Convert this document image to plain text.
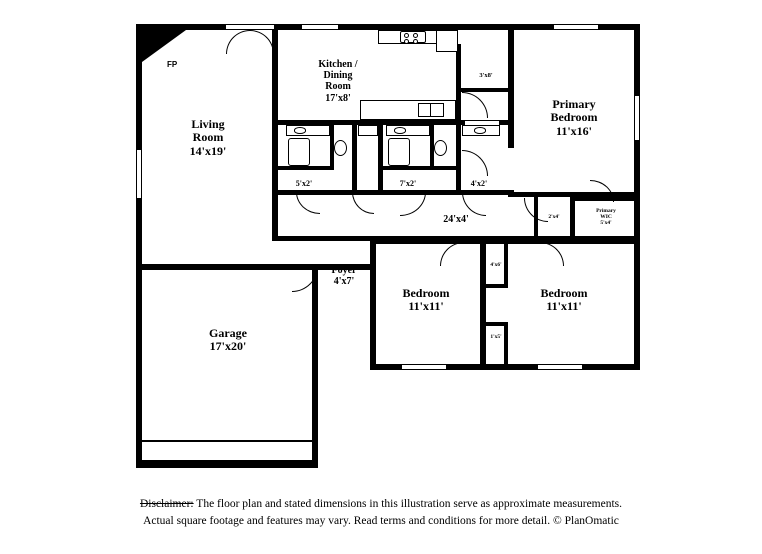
FP
Living
Room
14'x19'
Kitchen /
Dining
Room
17'x8'	Primary
Bedroom
11'x16'
Bedroom
11'x11'
Bedroom
11'x11'
Garage
17'x20'
Foyer
4'x7'
Primary
WIC
5'x4'
3'x8'
5'x2'	7'x2'	4'x2'
24'x4'	2'x4'
4'x6'
1'x5'
Disclaimer: The floor plan and stated dimensions in this illustration serve as approximate measurements.
Actual square footage and features may vary. Read terms and conditions for more detail. © PlanOmatic
